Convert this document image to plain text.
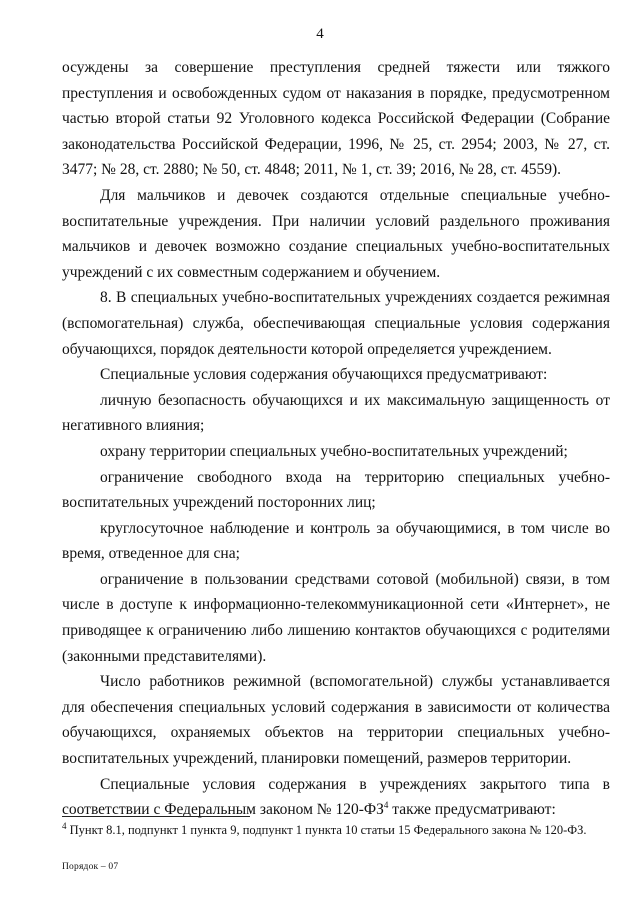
4

осуждены за совершение преступления средней тяжести или тяжкого преступления и освобожденных судом от наказания в порядке, предусмотренном частью второй статьи 92 Уголовного кодекса Российской Федерации (Собрание законодательства Российской Федерации, 1996, № 25, ст. 2954; 2003, № 27, ст. 3477; № 28, ст. 2880; № 50, ст. 4848; 2011, № 1, ст. 39; 2016, № 28, ст. 4559).

Для мальчиков и девочек создаются отдельные специальные учебно-воспитательные учреждения. При наличии условий раздельного проживания мальчиков и девочек возможно создание специальных учебно-воспитательных учреждений с их совместным содержанием и обучением.

8. В специальных учебно-воспитательных учреждениях создается режимная (вспомогательная) служба, обеспечивающая специальные условия содержания обучающихся, порядок деятельности которой определяется учреждением.

Специальные условия содержания обучающихся предусматривают:

личную безопасность обучающихся и их максимальную защищенность от негативного влияния;

охрану территории специальных учебно-воспитательных учреждений;

ограничение свободного входа на территорию специальных учебно-воспитательных учреждений посторонних лиц;

круглосуточное наблюдение и контроль за обучающимися, в том числе во время, отведенное для сна;

ограничение в пользовании средствами сотовой (мобильной) связи, в том числе в доступе к информационно-телекоммуникационной сети «Интернет», не приводящее к ограничению либо лишению контактов обучающихся с родителями (законными представителями).

Число работников режимной (вспомогательной) службы устанавливается для обеспечения специальных условий содержания в зависимости от количества обучающихся, охраняемых объектов на территории специальных учебно-воспитательных учреждений, планировки помещений, размеров территории.

Специальные условия содержания в учреждениях закрытого типа в соответствии с Федеральным законом № $120-ФЗ^4$ также предусматривают:

$^4$ Пункт 8.1, подпункт 1 пункта 9, подпункт 1 пункта 10 статьи 15 Федерального закона № 120-ФЗ.
Порядок – 07
